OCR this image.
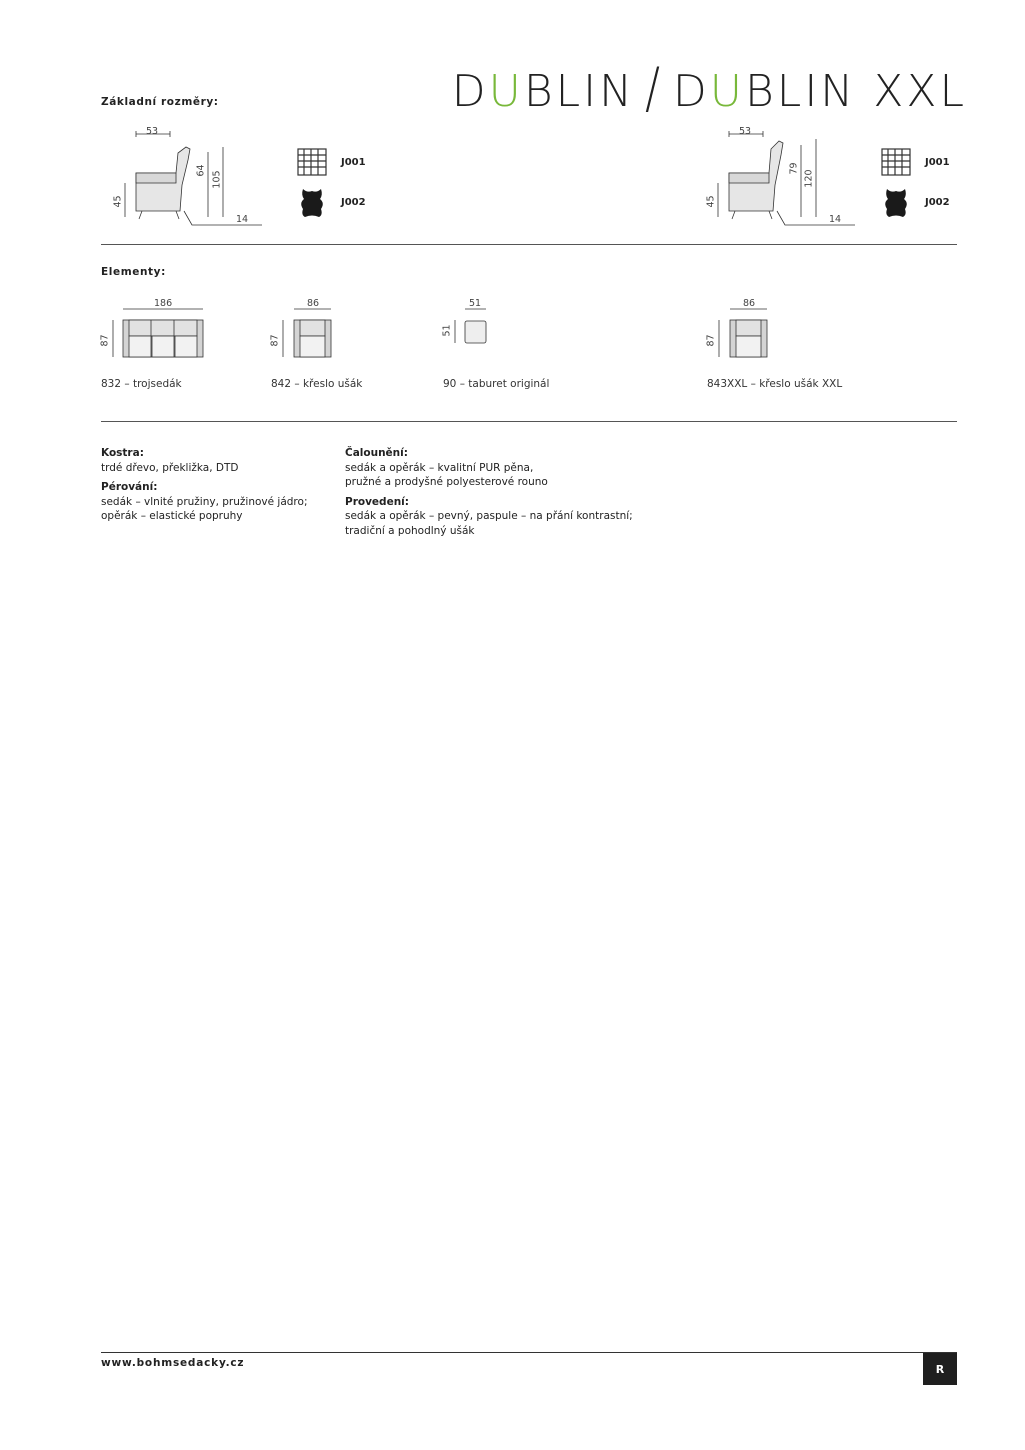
DUBLIN / DUBLIN XXL
Základní rozměry:
53
45
64 105
14
J001
J002
53
45
79
120
14
J001
J002
Elementy:
186
87
832 – trojsedák
86
87
842 – křeslo ušák
51
51
90 – taburet originál
86
87
843XXL – křeslo ušák XXL
Kostra:
trdé dřevo, překližka, DTD
Pérování:
sedák – vlnité pružiny, pružinové jádro;
opěrák – elastické popruhy
Čalounění:
sedák a opěrák – kvalitní PUR pěna,
pružné a prodyšné polyesterové rouno
Provedení:
sedák a opěrák – pevný, paspule – na přání kontrastní;
tradiční a pohodlný ušák
www.bohmsedacky.cz	R
